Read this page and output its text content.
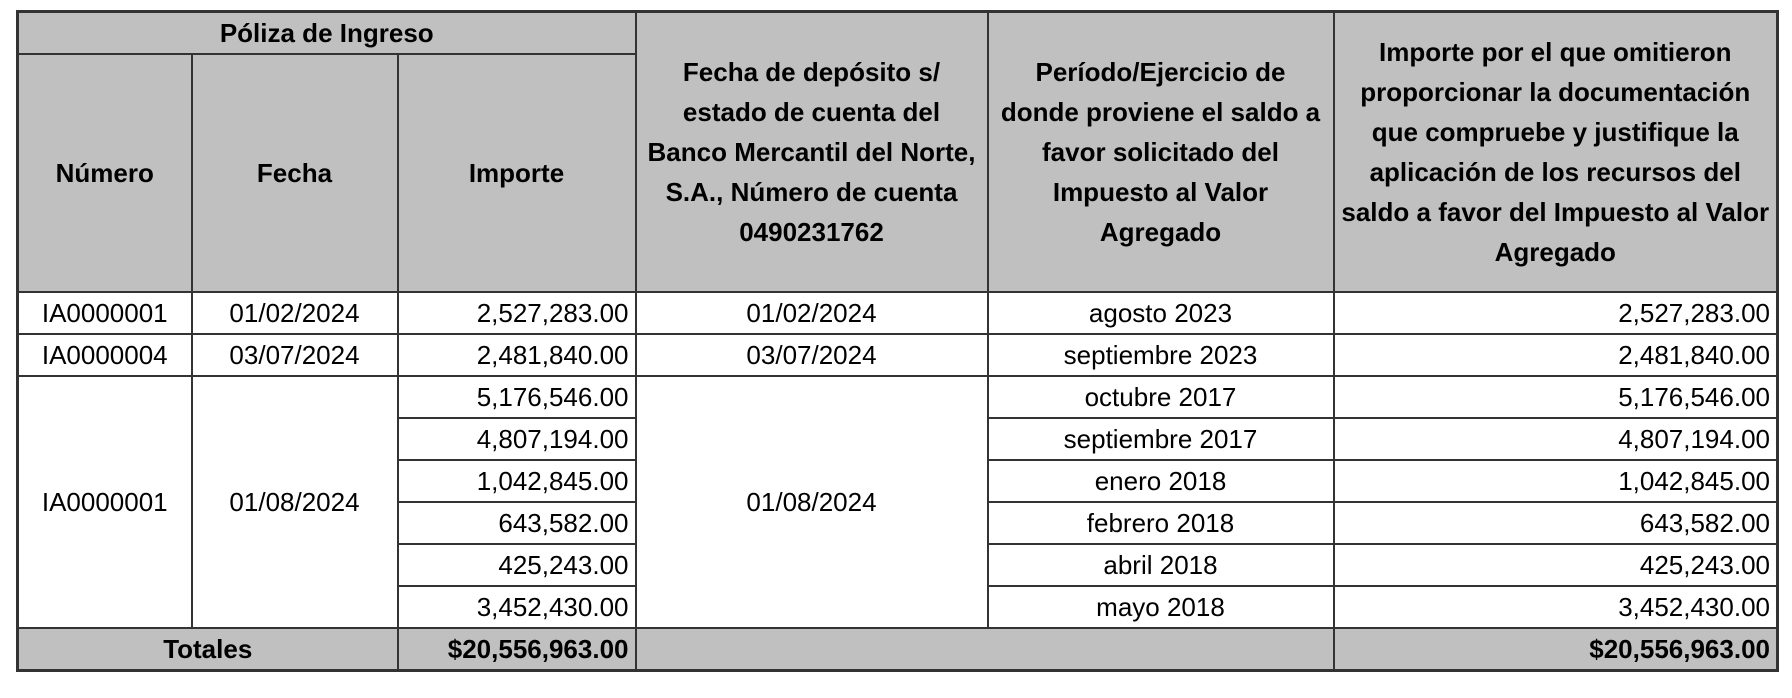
Póliza de Ingreso			Fecha de depósito s/ estado de cuenta del Banco Mercantil del Norte, S.A., Número de cuenta 0490231762	Período/Ejercicio de donde proviene el saldo a favor solicitado del Impuesto al Valor Agregado	Importe por el que omitieron proporcionar la documentación que compruebe y justifique la aplicación de los recursos del saldo a favor del Impuesto al Valor Agregado
Número	Fecha	Importe			
IA0000001	01/02/2024	2,527,283.00	01/02/2024	agosto 2023	2,527,283.00
IA0000004	03/07/2024	2,481,840.00	03/07/2024	septiembre 2023	2,481,840.00
IA0000001	01/08/2024	5,176,546.00	01/08/2024	octubre 2017	5,176,546.00
		4,807,194.00		septiembre 2017	4,807,194.00
		1,042,845.00		enero 2018	1,042,845.00
		643,582.00		febrero 2018	643,582.00
		425,243.00		abril 2018	425,243.00
		3,452,430.00		mayo 2018	3,452,430.00
Totales		$20,556,963.00			$20,556,963.00
